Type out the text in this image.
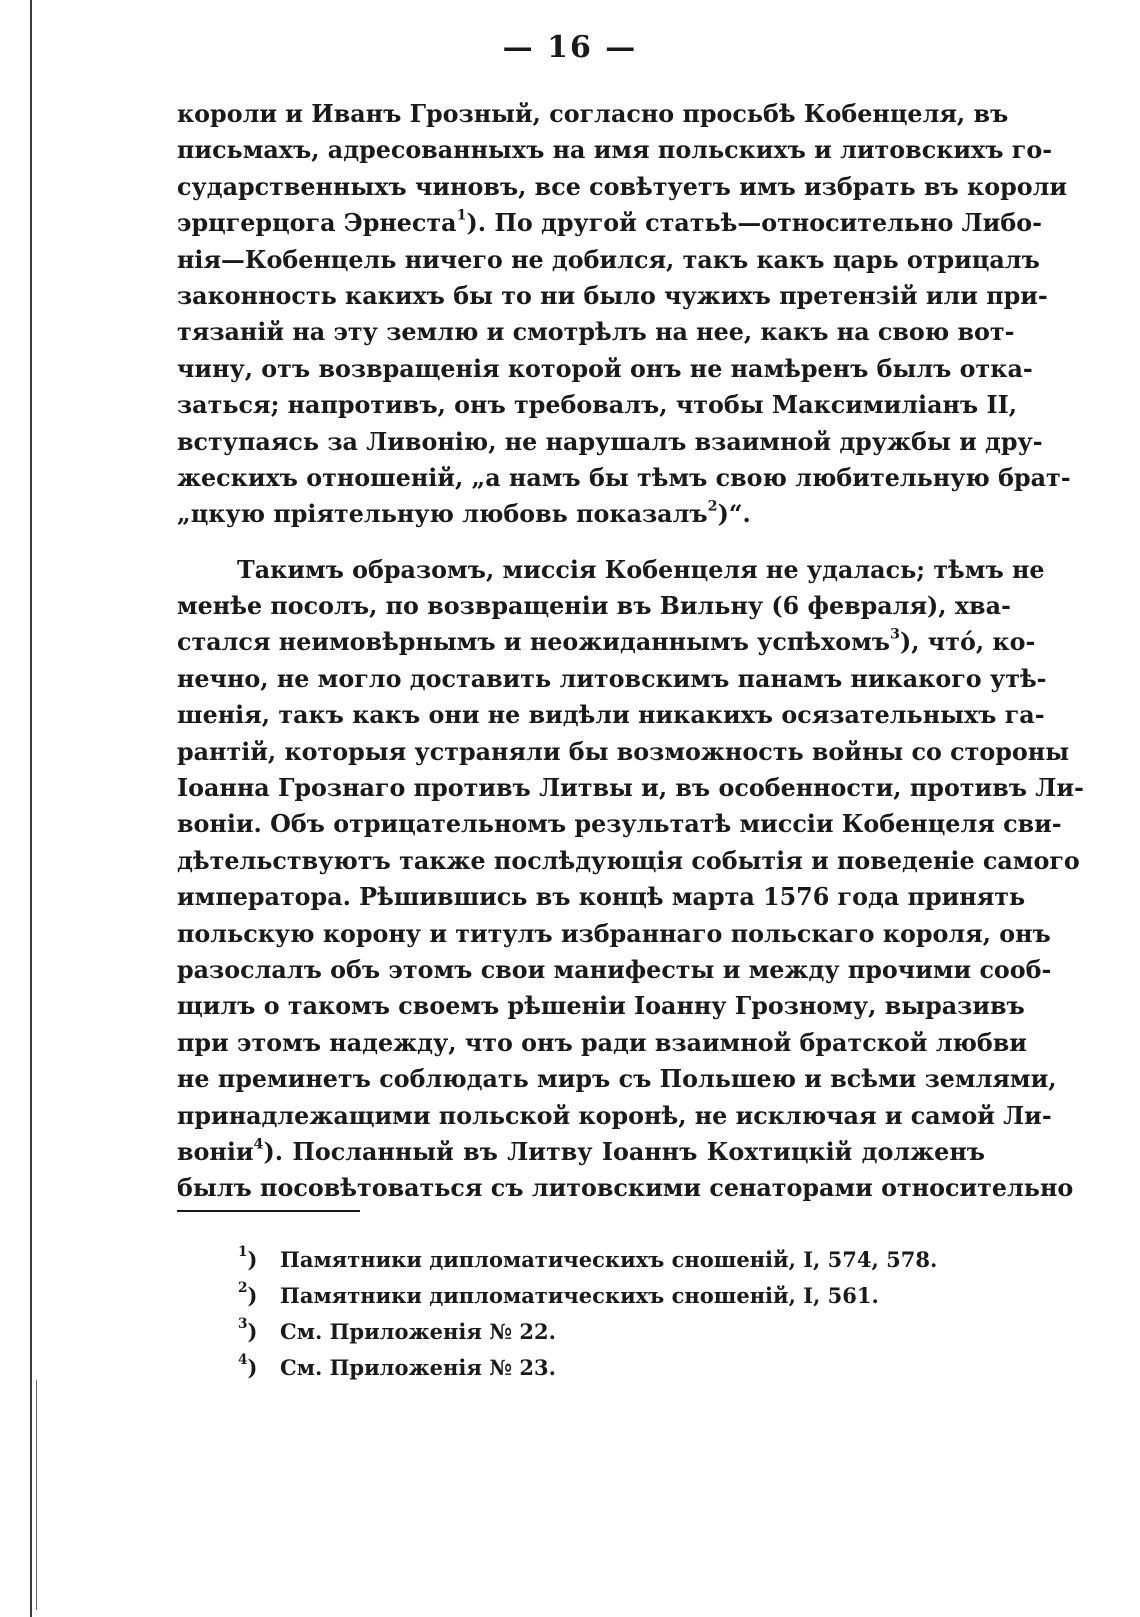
— 16 —
короли и Иванъ Грозный, согласно просьбѣ Кобенцеля, въ
письмахъ, адресованныхъ на имя польскихъ и литовскихъ го-
сударственныхъ чиновъ, все совѣтуетъ имъ избрать въ короли
эрцгерцога Эрнеста$^1$). По другой статьѣ—относительно Либо-
нія—Кобенцель ничего не добился, такъ какъ царь отрицалъ
законность какихъ бы то ни было чужихъ претензій или при-
тязаній на эту землю и смотрѣлъ на нее, какъ на свою вот-
чину, отъ возвращенія которой онъ не намѣренъ былъ отка-
заться; напротивъ, онъ требовалъ, чтобы Максимиліанъ II,
вступаясь за Ливонію, не нарушалъ взаимной дружбы и дру-
жескихъ отношеній, „а намъ бы тѣмъ свою любительную брат-
„цкую пріятельную любовь показалъ$^2$)“.
Такимъ образомъ, миссія Кобенцеля не удалась; тѣмъ не
менѣе посолъ, по возвращеніи въ Вильну (6 февраля), хва-
стался неимовѣрнымъ и неожиданнымъ успѣхомъ$^3$), что́, ко-
нечно, не могло доставить литовскимъ панамъ никакого утѣ-
шенія, такъ какъ они не видѣли никакихъ осязательныхъ га-
рантій, которыя устраняли бы возможность войны со стороны
Іоанна Грознаго противъ Литвы и, въ особенности, противъ Ли-
воніи. Объ отрицательномъ результатѣ миссіи Кобенцеля сви-
дѣтельствуютъ также послѣдующія событія и поведеніе самого
императора. Рѣшившись въ концѣ марта 1576 года принять
польскую корону и титулъ избраннаго польскаго короля, онъ
разослалъ объ этомъ свои манифесты и между прочими сооб-
щилъ о такомъ своемъ рѣшеніи Іоанну Грозному, выразивъ
при этомъ надежду, что онъ ради взаимной братской любви
не преминетъ соблюдать миръ съ Польшею и всѣми землями,
принадлежащими польской коронѣ, не исключая и самой Ли-
воніи$^4$). Посланный въ Литву Іоаннъ Кохтицкій долженъ
былъ посовѣтоваться съ литовскими сенаторами относительно
$^1$) Памятники дипломатическихъ сношеній, I, 574, 578.
$^2$) Памятники дипломатическихъ сношеній, I, 561.
$^3$) См. Приложенія № 22.
$^4$) См. Приложенія № 23.
